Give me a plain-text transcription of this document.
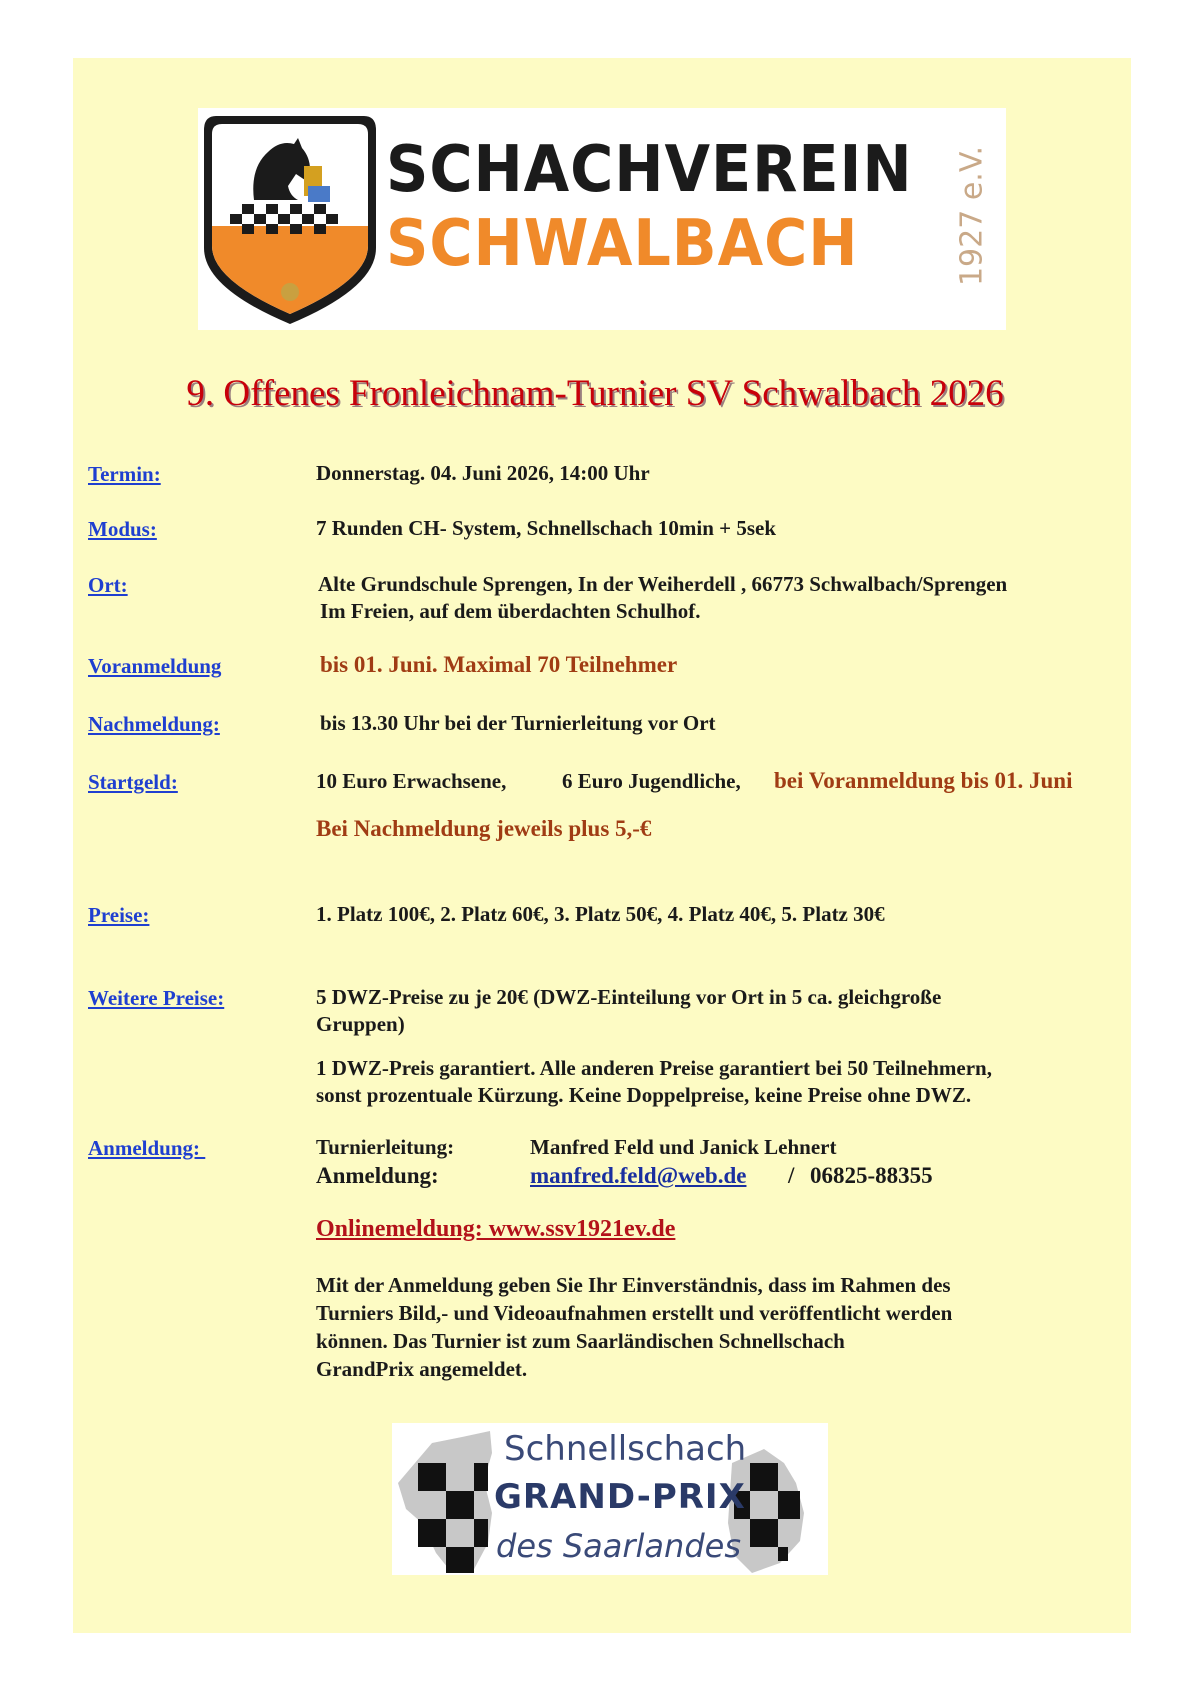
SCHACHVEREIN
SCHWALBACH	1927 e.V.
9. Offenes Fronleichnam-Turnier SV Schwalbach 2026
Termin:	Donnerstag. 04. Juni 2026, 14:00 Uhr
Modus:	7 Runden CH- System, Schnellschach 10min + 5sek
Ort:	Alte Grundschule Sprengen, In der Weiherdell , 66773 Schwalbach/Sprengen
Im Freien, auf dem überdachten Schulhof.
Voranmeldung	bis 01. Juni. Maximal 70 Teilnehmer
Nachmeldung:	bis 13.30 Uhr bei der Turnierleitung vor Ort
Startgeld:	10 Euro Erwachsene,	6 Euro Jugendliche, bei Voranmeldung bis 01. Juni
Bei Nachmeldung jeweils plus 5,-€
Preise:	1. Platz 100€, 2. Platz 60€, 3. Platz 50€, 4. Platz 40€, 5. Platz 30€
Weitere Preise:	5 DWZ-Preise zu je 20€ (DWZ-Einteilung vor Ort in 5 ca. gleichgroße
Gruppen)
1 DWZ-Preis garantiert. Alle anderen Preise garantiert bei 50 Teilnehmern,
sonst prozentuale Kürzung. Keine Doppelpreise, keine Preise ohne DWZ.
Anmeldung:	Turnierleitung:	Manfred Feld und Janick Lehnert
Anmeldung:	manfred.feld@web.de / 06825-88355
Onlinemeldung: www.ssv1921ev.de
Mit der Anmeldung geben Sie Ihr Einverständnis, dass im Rahmen des
Turniers Bild,- und Videoaufnahmen erstellt und veröffentlicht werden
können. Das Turnier ist zum Saarländischen Schnellschach
GrandPrix angemeldet.
Schnellschach
GRAND-PRIX
des Saarlandes
